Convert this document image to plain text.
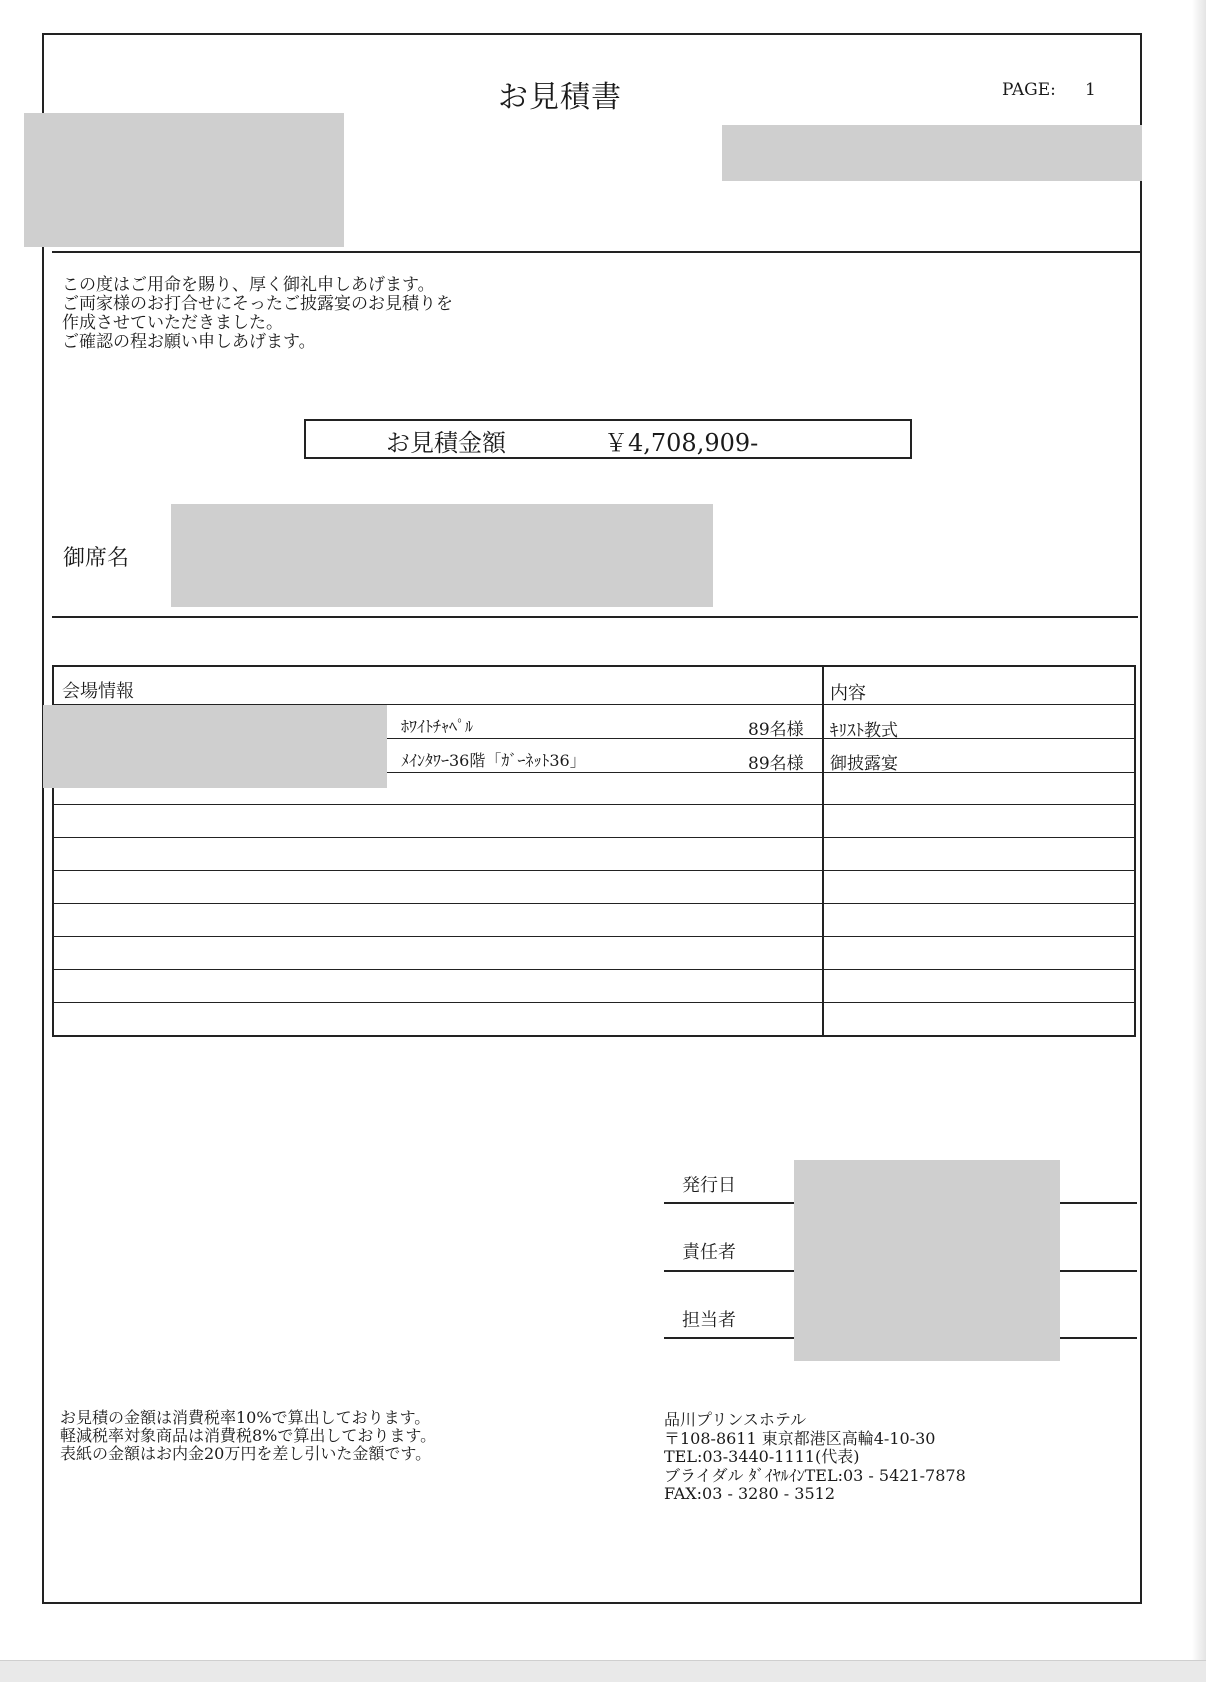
お見積書	PAGE: 1
この度はご用命を賜り、厚く御礼申しあげます。
ご両家様のお打合せにそったご披露宴のお見積りを
作成させていただきました。
ご確認の程お願い申しあげます。
お見積金額	￥4,708,909-
御席名
会場情報	内容
ﾎﾜｲﾄﾁｬﾍﾟﾙ	89名様 ｷﾘｽﾄ教式
ﾒｲﾝﾀﾜｰ36階「ｶﾞｰﾈｯﾄ36」	89名様 御披露宴
発行日
責任者
担当者
お見積の金額は消費税率10%で算出しております。
軽減税率対象商品は消費税8%で算出しております。
表紙の金額はお内金20万円を差し引いた金額です。
品川プリンスホテル
〒108-8611 東京都港区高輪4-10-30
TEL:03-3440-1111(代表)
ブライダル ﾀﾞｲﾔﾙｲﾝTEL:03 - 5421-7878
FAX:03 - 3280 - 3512
